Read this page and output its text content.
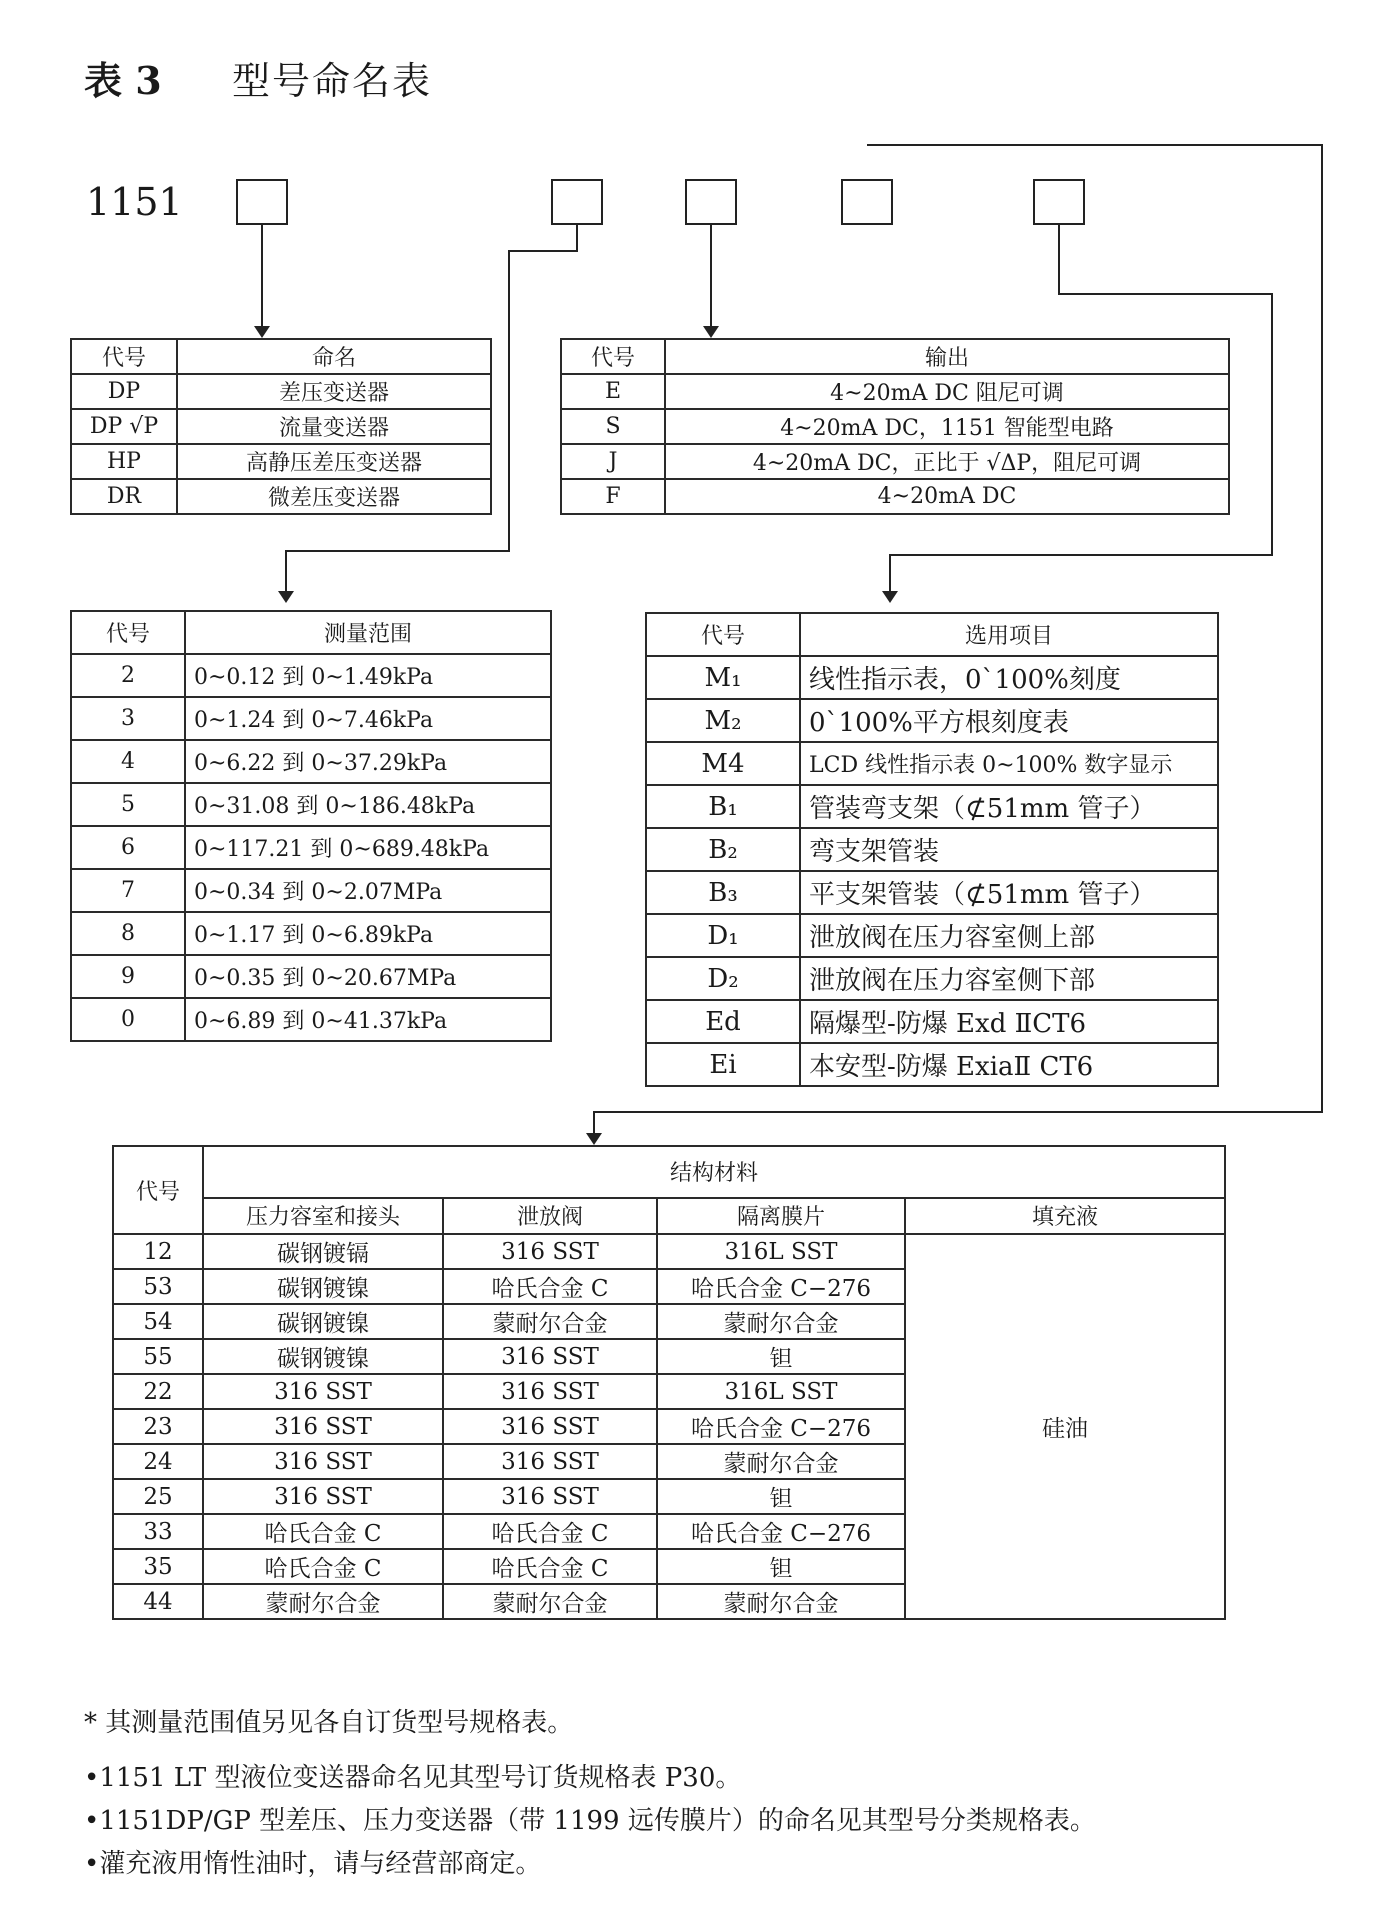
表 3 型号命名表
1151
代号	命名
DP	差压变送器
DP √P	流量变送器
HP	高静压差压变送器
DR	微差压变送器
代号	输出
E	4~20mA DC 阻尼可调
S	4~20mA DC，1151 智能型电路
J	4~20mA DC，正比于 √ΔP，阻尼可调
F	4~20mA DC
代号	测量范围
2	0~0.12 到 0~1.49kPa
3	0~1.24 到 0~7.46kPa
4	0~6.22 到 0~37.29kPa
5	0~31.08 到 0~186.48kPa
6	0~117.21 到 0~689.48kPa
7	0~0.34 到 0~2.07MPa
8	0~1.17 到 0~6.89kPa
9	0~0.35 到 0~20.67MPa
0	0~6.89 到 0~41.37kPa
代号	选用项目
M₁	线性指示表，0`100%刻度
M₂	0`100%平方根刻度表
M4	LCD 线性指示表 0~100% 数字显示
B₁	管装弯支架（⊄51mm 管子）
B₂	弯支架管装
B₃	平支架管装（⊄51mm 管子）
D₁	泄放阀在压力容室侧上部
D₂	泄放阀在压力容室侧下部
Ed	隔爆型-防爆 Exd ⅡCT6
Ei	本安型-防爆 ExiaⅡ CT6
代号	结构材料			
	压力容室和接头	泄放阀	隔离膜片	填充液
12	碳钢镀镉	316 SST	316L SST	硅油
53	碳钢镀镍	哈氏合金 C	哈氏合金 C−276	
54	碳钢镀镍	蒙耐尔合金	蒙耐尔合金	
55	碳钢镀镍	316 SST	钽	
22	316 SST	316 SST	316L SST	
23	316 SST	316 SST	哈氏合金 C−276	
24	316 SST	316 SST	蒙耐尔合金	
25	316 SST	316 SST	钽	
33	哈氏合金 C	哈氏合金 C	哈氏合金 C−276	
35	哈氏合金 C	哈氏合金 C	钽	
44	蒙耐尔合金	蒙耐尔合金	蒙耐尔合金	
* 其测量范围值另见各自订货型号规格表。
•1151 LT 型液位变送器命名见其型号订货规格表 P30。
•1151DP/GP 型差压、压力变送器（带 1199 远传膜片）的命名见其型号分类规格表。
•灌充液用惰性油时，请与经营部商定。
